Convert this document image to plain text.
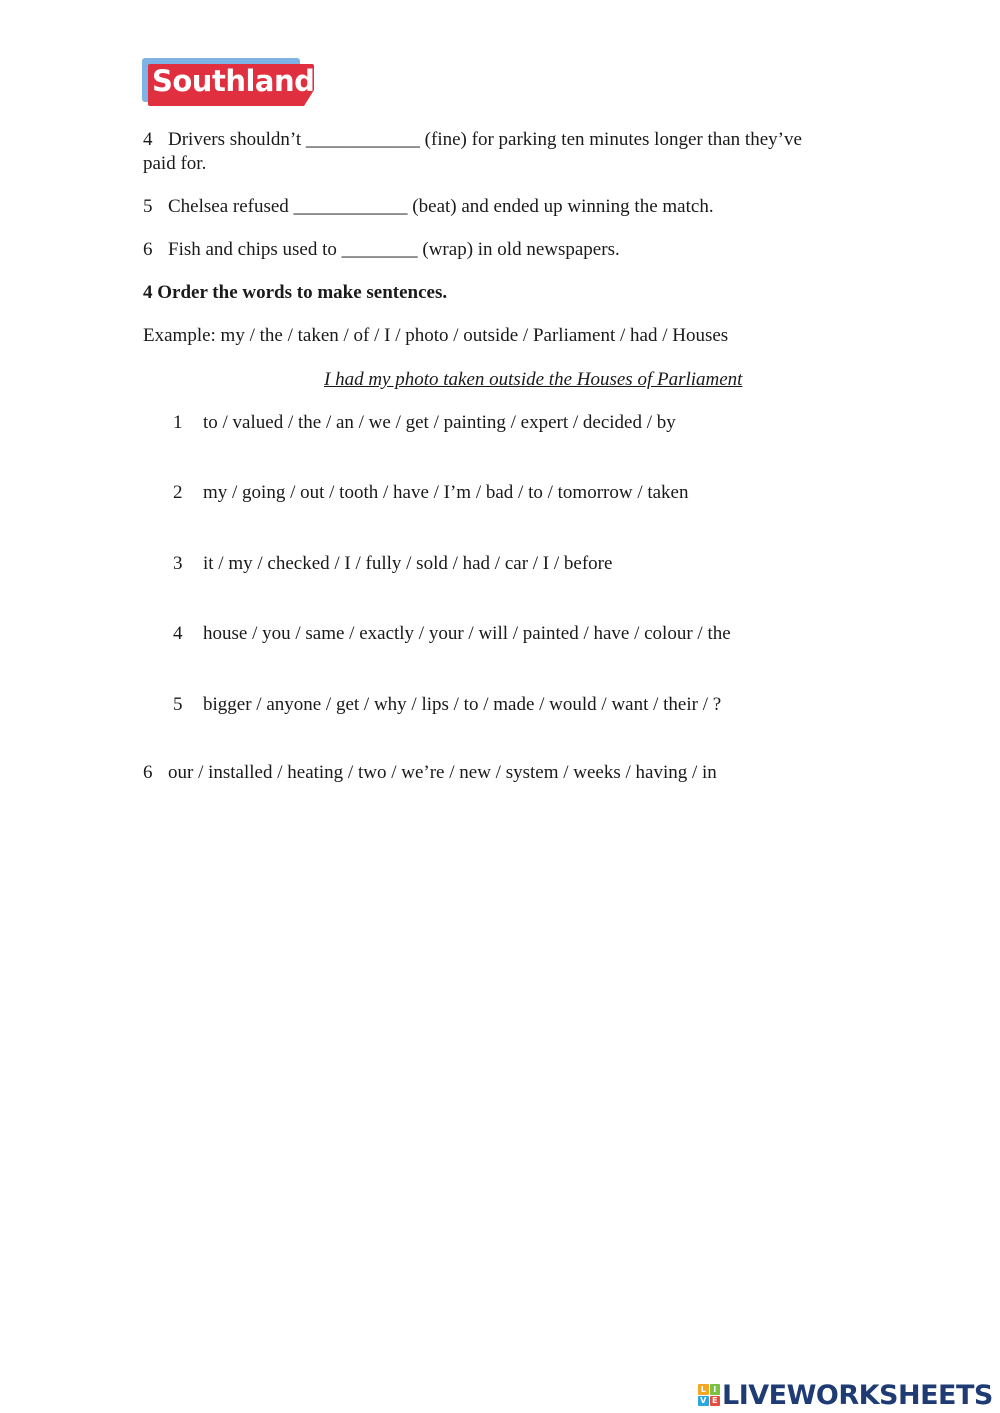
Southland
4 Drivers shouldn’t ____________ (fine) for parking ten minutes longer than they’ve
paid for.
5 Chelsea refused ____________ (beat) and ended up winning the match.
6 Fish and chips used to ________ (wrap) in old newspapers.
4 Order the words to make sentences.
Example: my / the / taken / of / I / photo / outside / Parliament / had / Houses
I had my photo taken outside the Houses of Parliament
1 to / valued / the / an / we / get / painting / expert / decided / by
2 my / going / out / tooth / have / I’m / bad / to / tomorrow / taken
3 it / my / checked / I / fully / sold / had / car / I / before
4 house / you / same / exactly / your / will / painted / have / colour / the
5 bigger / anyone / get / why / lips / to / made / would / want / their / ?
6 our / installed / heating / two / we’re / new / system / weeks / having / in
L I
V E LIVEWORKSHEETS
